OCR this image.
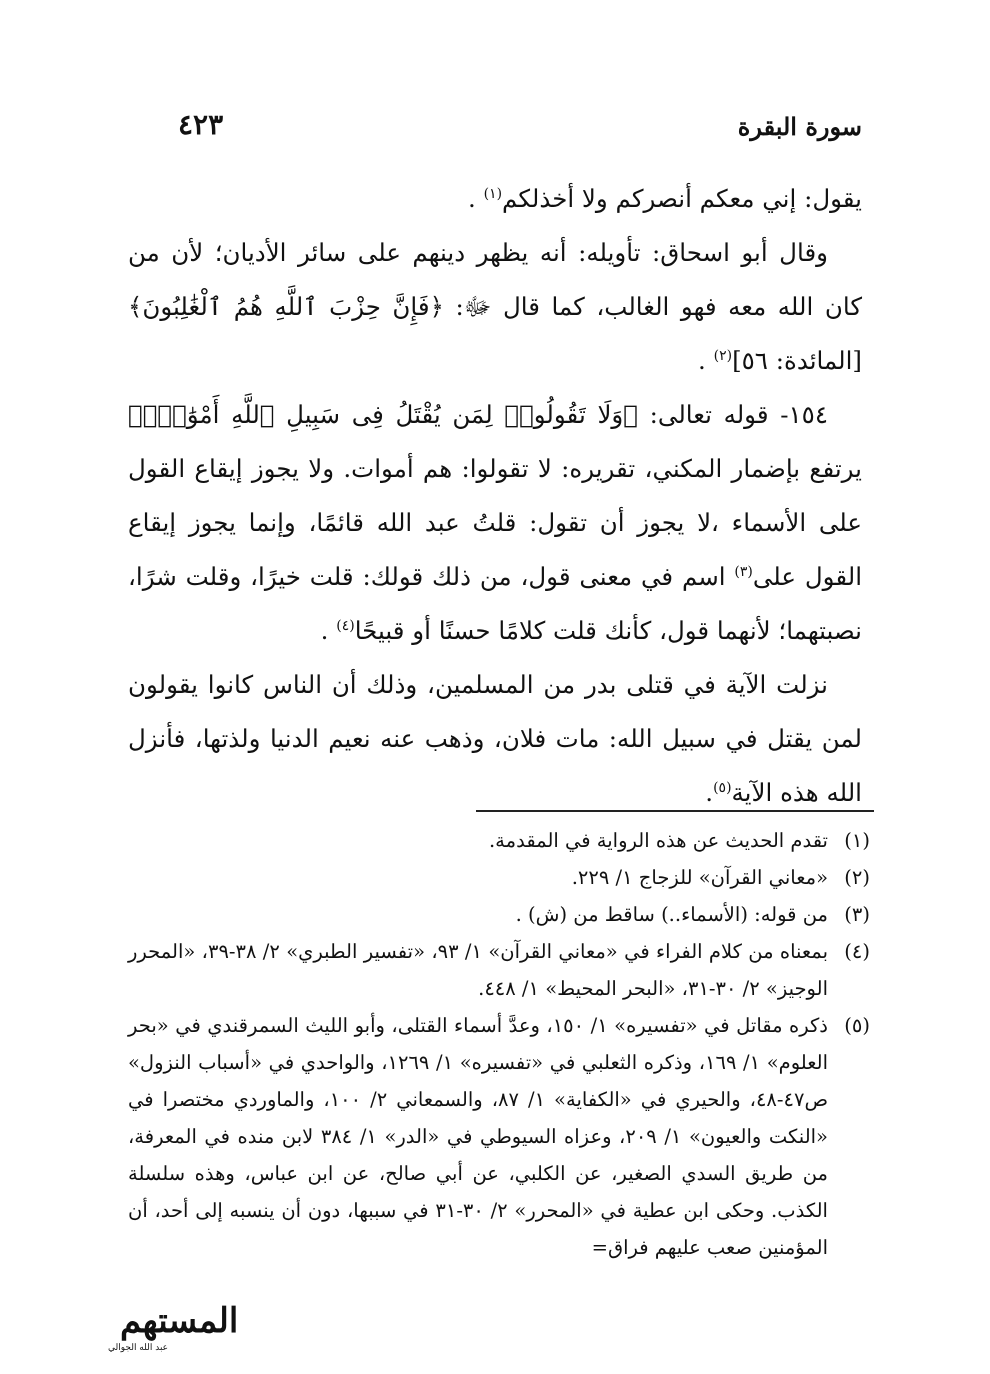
سورة البقرة
٤٢٣

يقول: إني معكم أنصركم ولا أخذلكم$^{(١)}$ .

وقال أبو اسحاق: تأويله: أنه يظهر دينهم على سائر الأديان؛ لأن من كان الله معه فهو الغالب، كما قال ﷻ: ﴿فَإِنَّ حِزْبَ ٱللَّهِ هُمُ ٱلْغَٰلِبُونَ﴾ [المائدة: ٥٦]$^{(٢)}$ .

١٥٤- قوله تعالى: ﴿وَلَا تَقُولُوا۟ لِمَن يُقْتَلُ فِى سَبِيلِ ٱللَّهِ أَمْوَٰتٌۢ﴾ يرتفع بإضمار المكني، تقريره: لا تقولوا: هم أموات. ولا يجوز إيقاع القول على الأسماء ،لا يجوز أن تقول: قلتُ عبد الله قائمًا، وإنما يجوز إيقاع القول على$^{(٣)}$ اسم في معنى قول، من ذلك قولك: قلت خيرًا، وقلت شرًا، نصبتهما؛ لأنهما قول، كأنك قلت كلامًا حسنًا أو قبيحًا$^{(٤)}$ .

نزلت الآية في قتلى بدر من المسلمين، وذلك أن الناس كانوا يقولون لمن يقتل في سبيل الله: مات فلان، وذهب عنه نعيم الدنيا ولذتها، فأنزل الله هذه الآية$^{(٥)}$.

(١)
تقدم الحديث عن هذه الرواية في المقدمة.
(٢)
«معاني القرآن» للزجاج ١/ ٢٢٩.
(٣)
من قوله: (الأسماء..) ساقط من (ش) .
(٤)
بمعناه من كلام الفراء في «معاني القرآن» ١/ ٩٣، «تفسير الطبري» ٢/ ٣٨-٣٩، «المحرر الوجيز» ٢/ ٣٠-٣١، «البحر المحيط» ١/ ٤٤٨.
(٥)
ذكره مقاتل في «تفسيره» ١/ ١٥٠، وعدَّ أسماء القتلى، وأبو الليث السمرقندي في «بحر العلوم» ١/ ١٦٩، وذكره الثعلبي في «تفسيره» ١/ ١٢٦٩، والواحدي في «أسباب النزول» ص٤٧-٤٨، والحيري في «الكفاية» ١/ ٨٧، والسمعاني ٢/ ١٠٠، والماوردي مختصرا في «النكت والعيون» ١/ ٢٠٩، وعزاه السيوطي في «الدر» ١/ ٣٨٤ لابن منده في المعرفة، من طريق السدي الصغير، عن الكلبي، عن أبي صالح، عن ابن عباس، وهذه سلسلة الكذب. وحكى ابن عطية في «المحرر» ٢/ ٣٠-٣١ في سببها، دون أن ينسبه إلى أحد، أن المؤمنين صعب عليهم فراق=
المستهم
عبد الله الجوالي
